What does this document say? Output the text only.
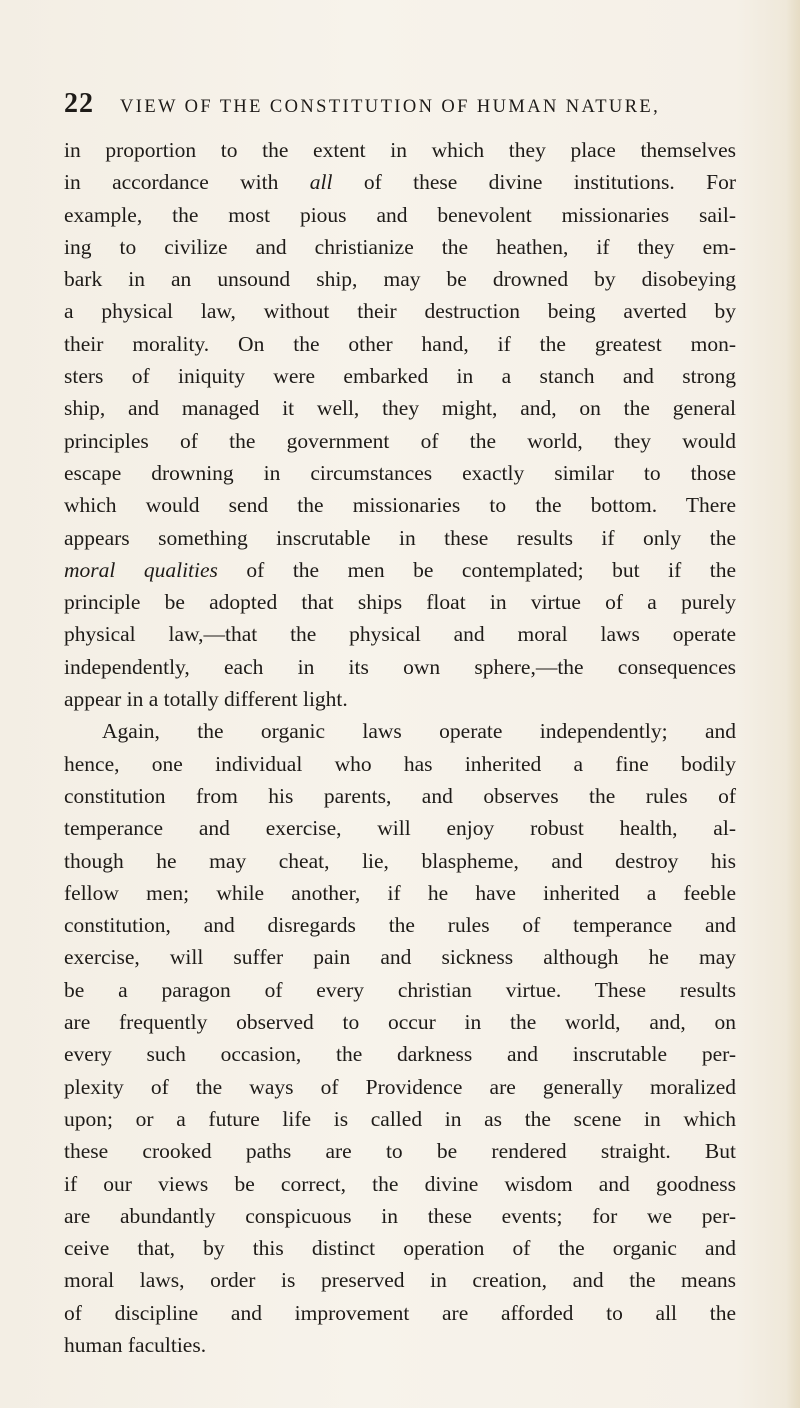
22 VIEW OF THE CONSTITUTION OF HUMAN NATURE,
in proportion to the extent in which they place themselves
in accordance with all of these divine institutions. For
example, the most pious and benevolent missionaries sail-
ing to civilize and christianize the heathen, if they em-
bark in an unsound ship, may be drowned by disobeying
a physical law, without their destruction being averted by
their morality. On the other hand, if the greatest mon-
sters of iniquity were embarked in a stanch and strong
ship, and managed it well, they might, and, on the general
principles of the government of the world, they would
escape drowning in circumstances exactly similar to those
which would send the missionaries to the bottom. There
appears something inscrutable in these results if only the
moral qualities of the men be contemplated; but if the
principle be adopted that ships float in virtue of a purely
physical law,—that the physical and moral laws operate
independently, each in its own sphere,—the consequences
appear in a totally different light.
Again, the organic laws operate independently; and
hence, one individual who has inherited a fine bodily
constitution from his parents, and observes the rules of
temperance and exercise, will enjoy robust health, al-
though he may cheat, lie, blaspheme, and destroy his
fellow men; while another, if he have inherited a feeble
constitution, and disregards the rules of temperance and
exercise, will suffer pain and sickness although he may
be a paragon of every christian virtue. These results
are frequently observed to occur in the world, and, on
every such occasion, the darkness and inscrutable per-
plexity of the ways of Providence are generally moralized
upon; or a future life is called in as the scene in which
these crooked paths are to be rendered straight. But
if our views be correct, the divine wisdom and goodness
are abundantly conspicuous in these events; for we per-
ceive that, by this distinct operation of the organic and
moral laws, order is preserved in creation, and the means
of discipline and improvement are afforded to all the
human faculties.
